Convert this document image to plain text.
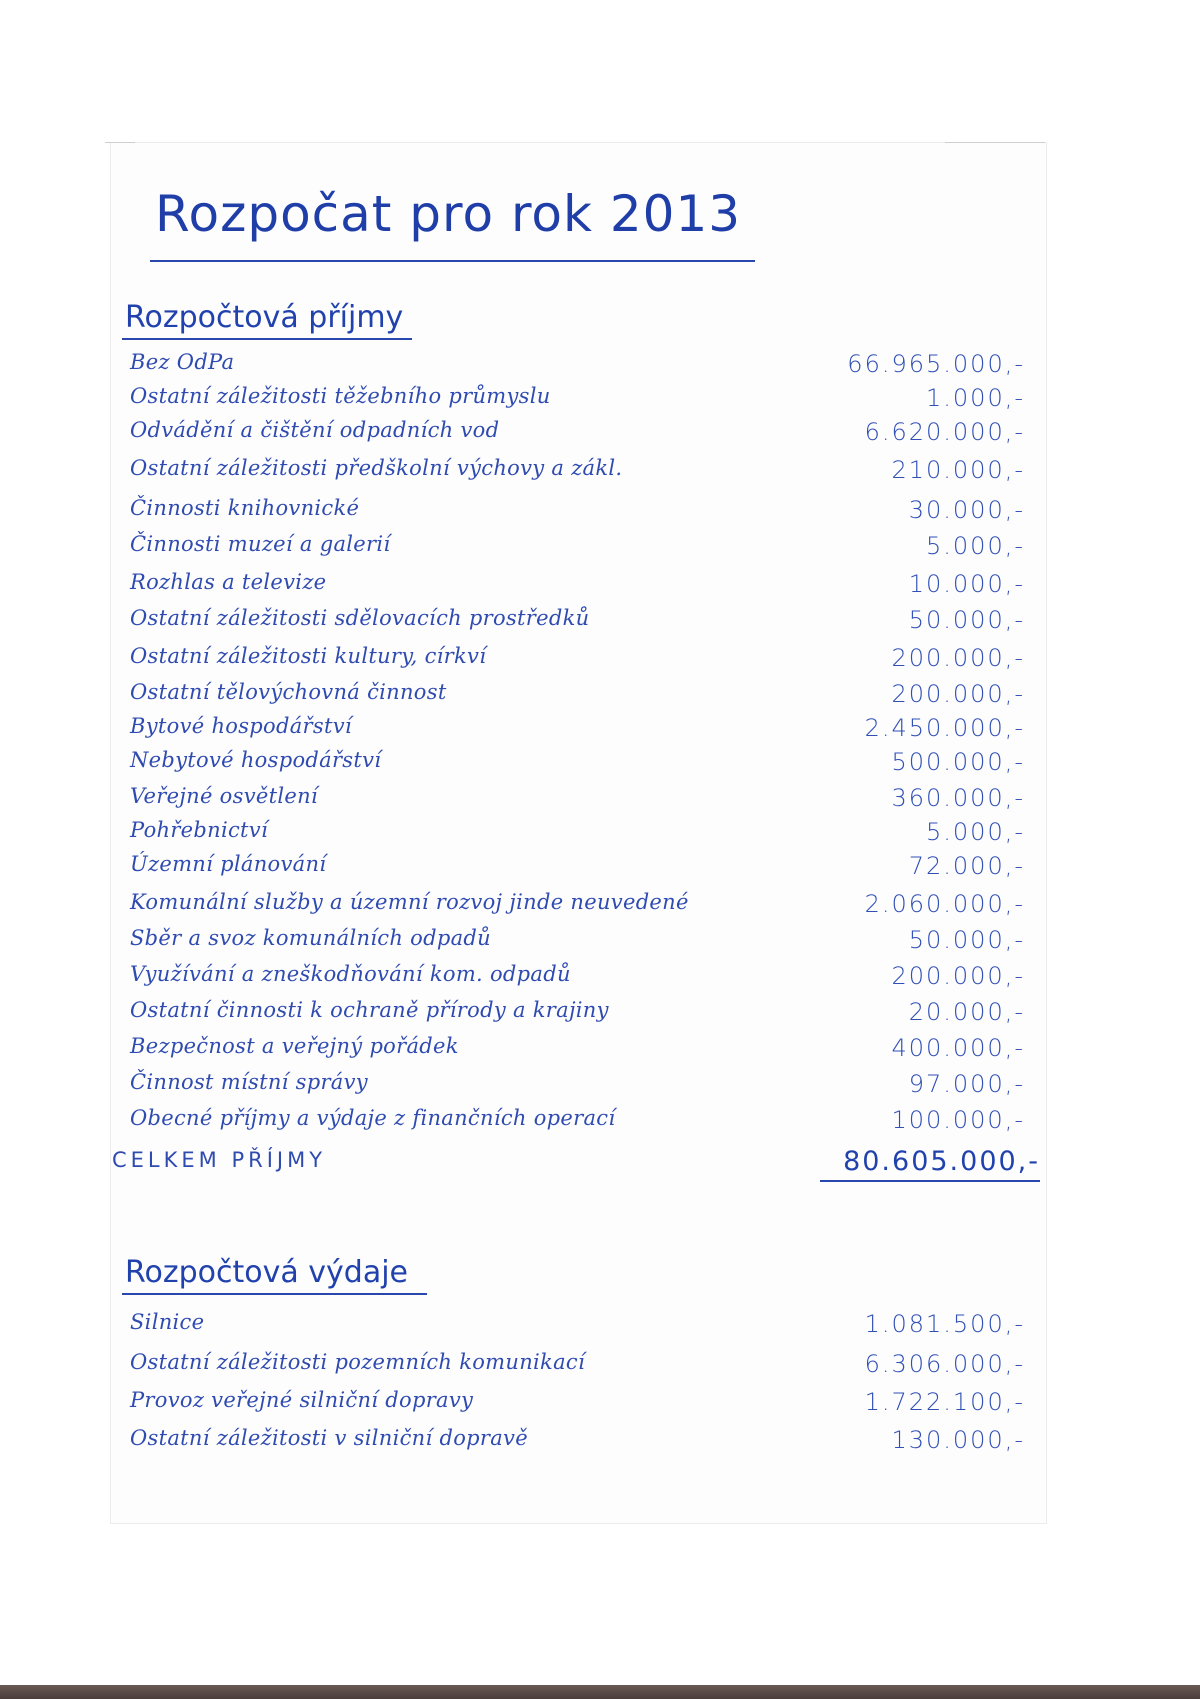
Rozpočat pro rok 2013
Rozpočtová příjmy
Bez OdPa	66.965.000,-
Ostatní záležitosti těžebního průmyslu	1.000,-
Odvádění a čištění odpadních vod	6.620.000,-
Ostatní záležitosti předškolní výchovy a zákl.	210.000,-
Činnosti knihovnické	30.000,-
Činnosti muzeí a galerií	5.000,-
Rozhlas a televize	10.000,-
Ostatní záležitosti sdělovacích prostředků	50.000,-
Ostatní záležitosti kultury, církví	200.000,-
Ostatní tělovýchovná činnost	200.000,-
Bytové hospodářství	2.450.000,-
Nebytové hospodářství	500.000,-
Veřejné osvětlení	360.000,-
Pohřebnictví	5.000,-
Územní plánování	72.000,-
Komunální služby a územní rozvoj jinde neuvedené	2.060.000,-
Sběr a svoz komunálních odpadů	50.000,-
Využívání a zneškodňování kom. odpadů	200.000,-
Ostatní činnosti k ochraně přírody a krajiny	20.000,-
Bezpečnost a veřejný pořádek	400.000,-
Činnost místní správy	97.000,-
Obecné příjmy a výdaje z finančních operací	100.000,-
CELKEM PŘÍJMY	80.605.000,-
Rozpočtová výdaje
Silnice	1.081.500,-
Ostatní záležitosti pozemních komunikací	6.306.000,-
Provoz veřejné silniční dopravy	1.722.100,-
Ostatní záležitosti v silniční dopravě	130.000,-
